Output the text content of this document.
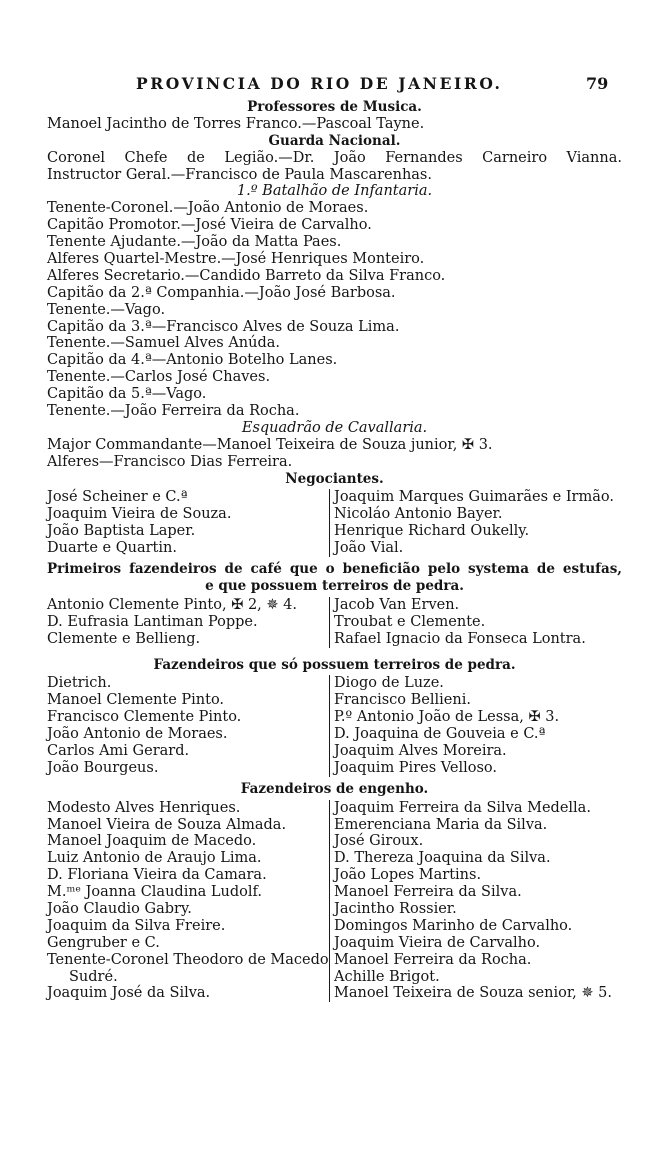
PROVINCIA DO RIO DE JANEIRO.	79
Professores de Musica.
Manoel Jacintho de Torres Franco.—Pascoal Tayne.
Guarda Nacional.
Coronel Chefe de Legião.—Dr. João Fernandes Carneiro Vianna.
Instructor Geral.—Francisco de Paula Mascarenhas.
1.º Batalhão de Infantaria.
Tenente-Coronel.—João Antonio de Moraes.
Capitão Promotor.—José Vieira de Carvalho.
Tenente Ajudante.—João da Matta Paes.
Alferes Quartel-Mestre.—José Henriques Monteiro.
Alferes Secretario.—Candido Barreto da Silva Franco.
Capitão da 2.ª Companhia.—João José Barbosa.
Tenente.—Vago.
Capitão da 3.ª—Francisco Alves de Souza Lima.
Tenente.—Samuel Alves Anúda.
Capitão da 4.ª—Antonio Botelho Lanes.
Tenente.—Carlos José Chaves.
Capitão da 5.ª—Vago.
Tenente.—João Ferreira da Rocha.
Esquadrão de Cavallaria.
Major Commandante—Manoel Teixeira de Souza junior, ✠ 3.
Alferes—Francisco Dias Ferreira.
Negociantes.
José Scheiner e C.ª
Joaquim Vieira de Souza.
João Baptista Laper.
Duarte e Quartin.
Joaquim Marques Guimarães e Irmão.
Nicoláo Antonio Bayer.
Henrique Richard Oukelly.
João Vial.
Primeiros fazendeiros de café que o beneficião pelo systema de estufas,
e que possuem terreiros de pedra.
Antonio Clemente Pinto, ✠ 2, ✵ 4.
D. Eufrasia Lantiman Poppe.
Clemente e Bellieng.
Jacob Van Erven.
Troubat e Clemente.
Rafael Ignacio da Fonseca Lontra.
Fazendeiros que só possuem terreiros de pedra.
Dietrich.
Manoel Clemente Pinto.
Francisco Clemente Pinto.
João Antonio de Moraes.
Carlos Ami Gerard.
João Bourgeus.
Diogo de Luze.
Francisco Bellieni.
P.º Antonio João de Lessa, ✠ 3.
D. Joaquina de Gouveia e C.ª
Joaquim Alves Moreira.
Joaquim Pires Velloso.
Fazendeiros de engenho.
Modesto Alves Henriques.
Manoel Vieira de Souza Almada.
Manoel Joaquim de Macedo.
Luiz Antonio de Araujo Lima.
D. Floriana Vieira da Camara.
M.ᵐᵉ Joanna Claudina Ludolf.
João Claudio Gabry.
Joaquim da Silva Freire.
Gengruber e C.
Tenente-Coronel Theodoro de Macedo
Sudré.
Joaquim José da Silva.
Joaquim Ferreira da Silva Medella.
Emerenciana Maria da Silva.
José Giroux.
D. Thereza Joaquina da Silva.
João Lopes Martins.
Manoel Ferreira da Silva.
Jacintho Rossier.
Domingos Marinho de Carvalho.
Joaquim Vieira de Carvalho.
Manoel Ferreira da Rocha.
Achille Brigot.
Manoel Teixeira de Souza senior, ✵ 5.
